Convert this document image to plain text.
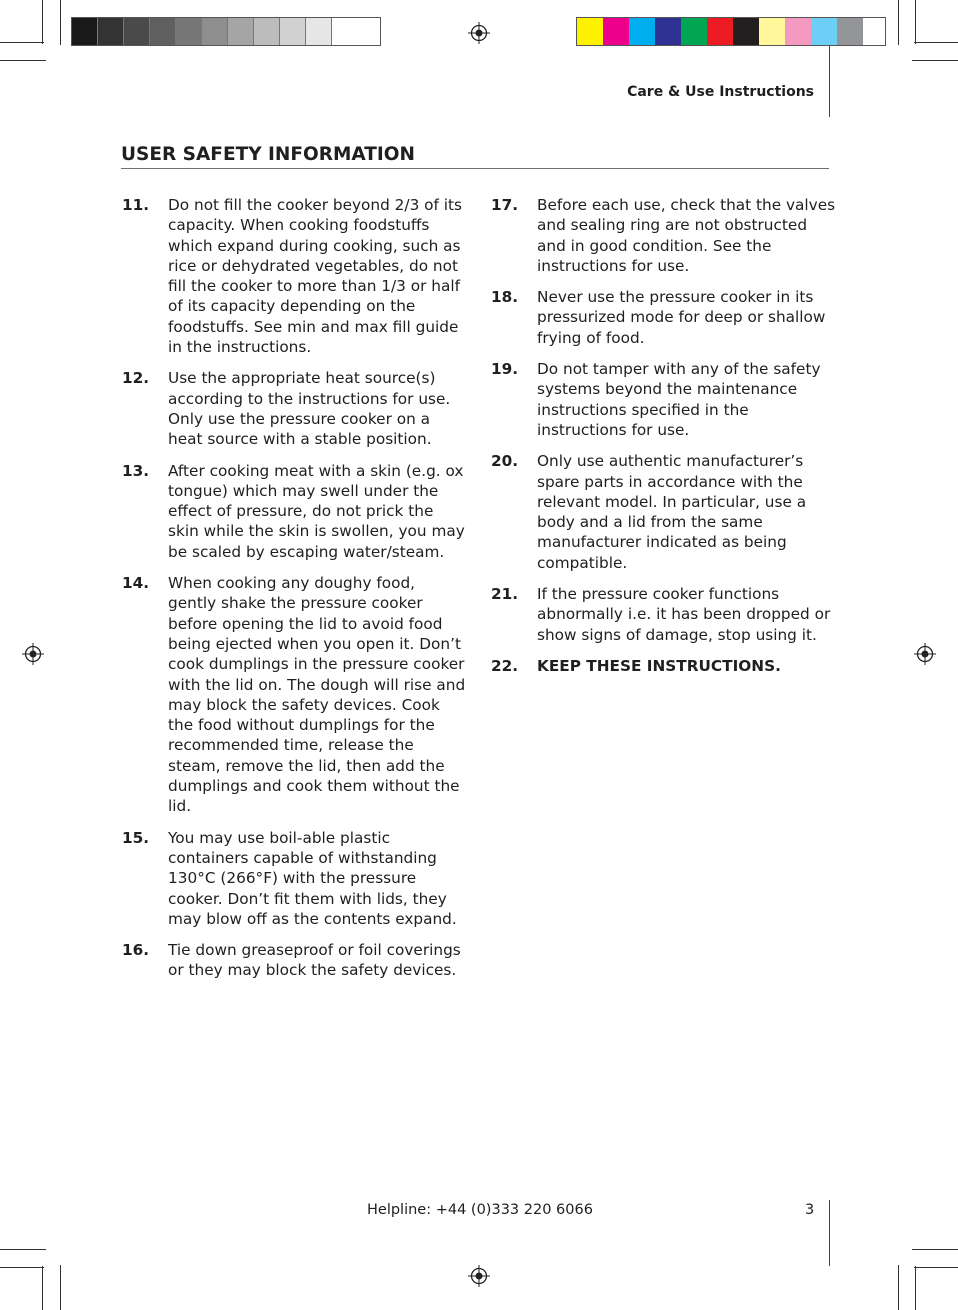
Care & Use Instructions
USER SAFETY INFORMATION
11.	Do not fill the cooker beyond 2/3 of its capacity. When cooking foodstuffs which expand during cooking, such as rice or dehydrated vegetables, do not fill the cooker to more than 1/3 or half of its capacity depending on the foodstuffs. See min and max fill guide in the instructions.
12.	Use the appropriate heat source(s) according to the instructions for use. Only use the pressure cooker on a heat source with a stable position.
13.	After cooking meat with a skin (e.g. ox tongue) which may swell under the effect of pressure, do not prick the skin while the skin is swollen, you may be scaled by escaping water/steam.
14.	When cooking any doughy food, gently shake the pressure cooker before opening the lid to avoid food being ejected when you open it. Don’t cook dumplings in the pressure cooker with the lid on. The dough will rise and may block the safety devices. Cook the food without dumplings for the recommended time, release the steam, remove the lid, then add the dumplings and cook them without the lid.
15.	You may use boil-able plastic containers capable of withstanding 130°C (266°F) with the pressure cooker. Don’t fit them with lids, they may blow off as the contents expand.
16.	Tie down greaseproof or foil coverings or they may block the safety devices.
17.	Before each use, check that the valves and sealing ring are not obstructed and in good condition. See the instructions for use.
18.	Never use the pressure cooker in its pressurized mode for deep or shallow frying of food.
19.	Do not tamper with any of the safety systems beyond the maintenance instructions specified in the instructions for use.
20.	Only use authentic manufacturer’s spare parts in accordance with the relevant model. In particular, use a body and a lid from the same manufacturer indicated as being compatible.
21.	If the pressure cooker functions abnormally i.e. it has been dropped or show signs of damage, stop using it.
22.	KEEP THESE INSTRUCTIONS.
Helpline: +44 (0)333 220 6066	3
